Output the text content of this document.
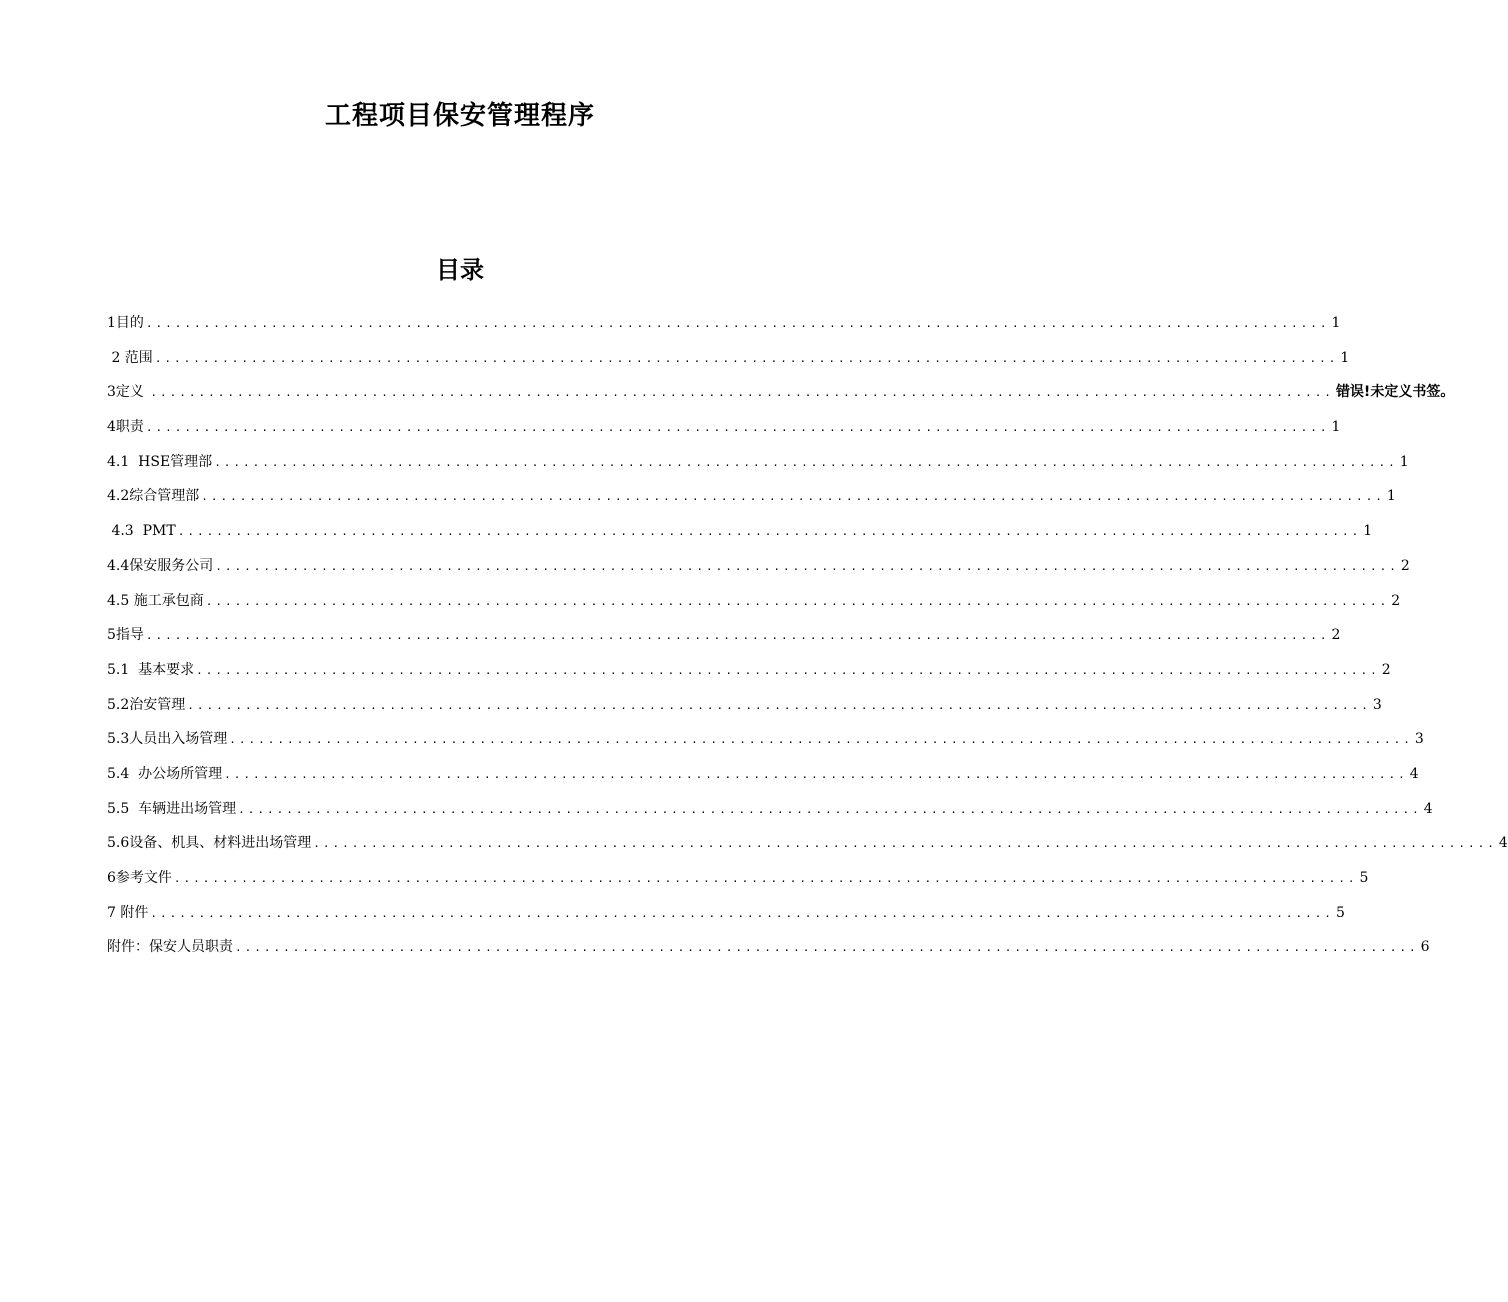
工程项目保安管理程序
目录
1目的 ........................................................................................................................... 1
2 范围 ........................................................................................................................... 1
3定义 ........................................................................................................................... 错误!未定义书签。
4职责 ........................................................................................................................... 1
4.1  HSE管理部 ........................................................................................................................... 1
4.2综合管理部 ........................................................................................................................... 1
4.3  PMT ........................................................................................................................... 1
4.4保安服务公司 ........................................................................................................................... 2
4.5 施工承包商 ........................................................................................................................... 2
5指导 ........................................................................................................................... 2
5.1  基本要求 ........................................................................................................................... 2
5.2治安管理 ........................................................................................................................... 3
5.3人员出入场管理 ........................................................................................................................... 3
5.4  办公场所管理 ........................................................................................................................... 4
5.5  车辆进出场管理 ........................................................................................................................... 4
5.6设备、机具、材料进出场管理 ........................................................................................................................... 4
6参考文件 ........................................................................................................................... 5
7 附件 ........................................................................................................................... 5
附件：保安人员职责 ........................................................................................................................... 6
